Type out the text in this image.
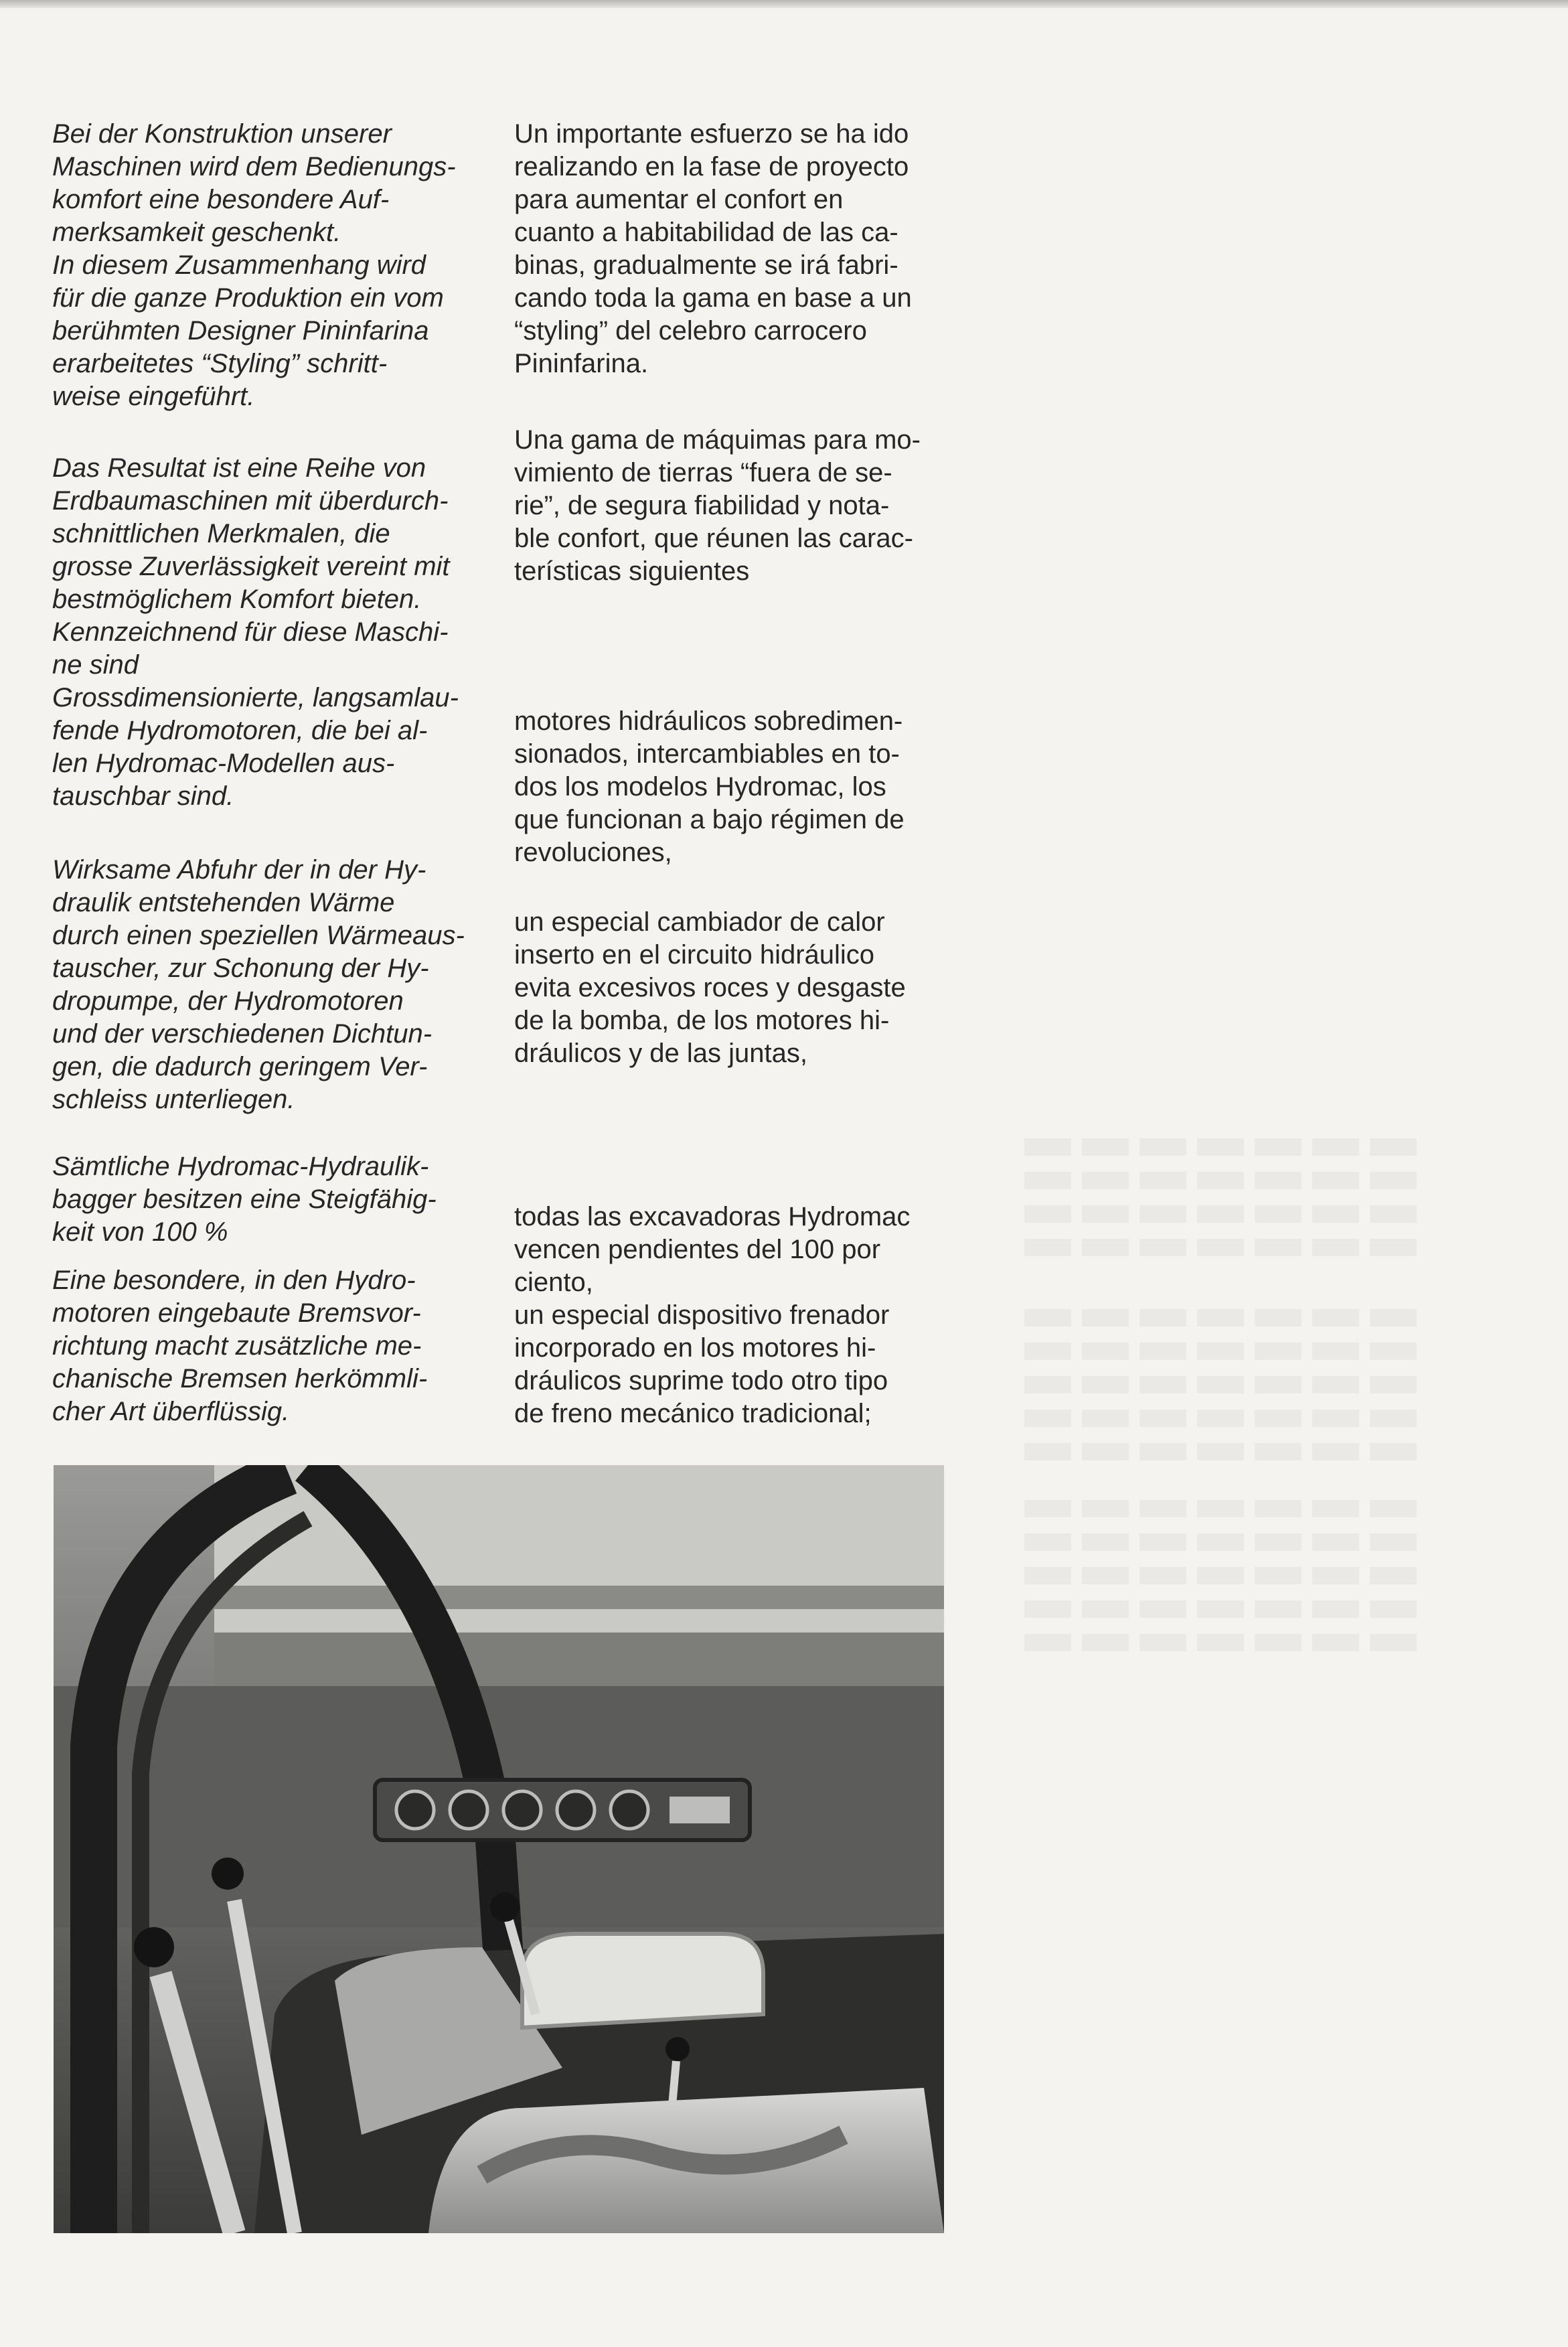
Bei der Konstruktion unserer
Maschinen wird dem Bedienungs-
komfort eine besondere Auf-
merksamkeit geschenkt.
In diesem Zusammenhang wird
für die ganze Produktion ein vom
berühmten Designer Pininfarina
erarbeitetes “Styling” schritt-
weise eingeführt.

Das Resultat ist eine Reihe von
Erdbaumaschinen mit überdurch-
schnittlichen Merkmalen, die
grosse Zuverlässigkeit vereint mit
bestmöglichem Komfort bieten.
Kennzeichnend für diese Maschi-
ne sind
Grossdimensionierte, langsamlau-
fende Hydromotoren, die bei al-
len Hydromac-Modellen aus-
tauschbar sind.

Wirksame Abfuhr der in der Hy-
draulik entstehenden Wärme
durch einen speziellen Wärmeaus-
tauscher, zur Schonung der Hy-
dropumpe, der Hydromotoren
und der verschiedenen Dichtun-
gen, die dadurch geringem Ver-
schleiss unterliegen.

Sämtliche Hydromac-Hydraulik-
bagger besitzen eine Steigfähig-
keit von 100 %

Eine besondere, in den Hydro-
motoren eingebaute Bremsvor-
richtung macht zusätzliche me-
chanische Bremsen herkömmli-
cher Art überflüssig.

Un importante esfuerzo se ha ido
realizando en la fase de proyecto
para aumentar el confort en
cuanto a habitabilidad de las ca-
binas, gradualmente se irá fabri-
cando toda la gama en base a un
“styling” del celebro carrocero
Pininfarina.

Una gama de máquimas para mo-
vimiento de tierras “fuera de se-
rie”, de segura fiabilidad y nota-
ble confort, que réunen las carac-
terísticas siguientes

motores hidráulicos sobredimen-
sionados, intercambiables en to-
dos los modelos Hydromac, los
que funcionan a bajo régimen de
revoluciones,

un especial cambiador de calor
inserto en el circuito hidráulico
evita excesivos roces y desgaste
de la bomba, de los motores hi-
dráulicos y de las juntas,

todas las excavadoras Hydromac
vencen pendientes del 100 por
ciento,
un especial dispositivo frenador
incorporado en los motores hi-
dráulicos suprime todo otro tipo
de freno mecánico tradicional;
